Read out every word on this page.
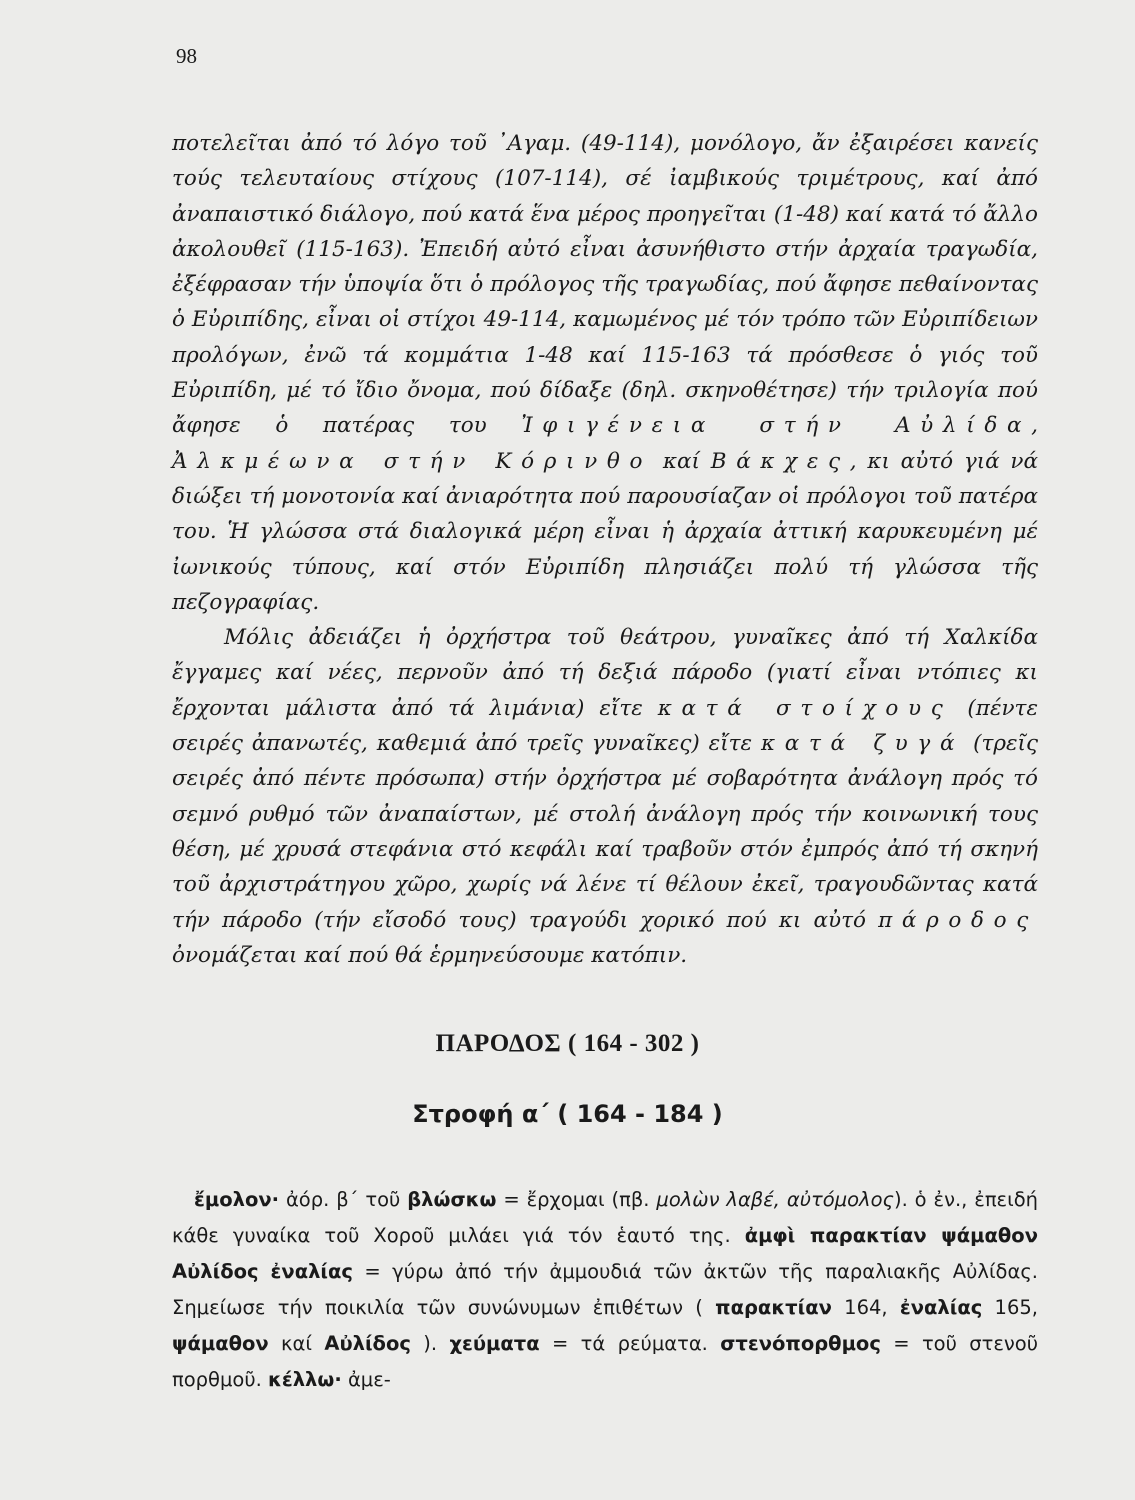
98

ποτελεῖται ἀπό τό λόγο τοῦ ᾿Αγαμ. (49-114), μονόλογο, ἄν ἐξαιρέσει κανείς τούς τελευταίους στίχους (107-114), σέ ἰαμβικούς τριμέτρους, καί ἀπό ἀναπαιστικό διάλογο, πού κατά ἕνα μέρος προηγεῖται (1-48) καί κατά τό ἄλλο ἀκολουθεῖ (115-163). Ἐπειδή αὐτό εἶναι ἀσυνήθιστο στήν ἀρχαία τραγωδία, ἐξέφρασαν τήν ὑποψία ὅτι ὁ πρόλογος τῆς τραγωδίας, πού ἄφησε πεθαίνοντας ὁ Εὐριπίδης, εἶναι οἱ στίχοι 49-114, καμωμένος μέ τόν τρόπο τῶν Εὐριπίδειων προλόγων, ἐνῶ τά κομμάτια 1-48 καί 115-163 τά πρόσθεσε ὁ γιός τοῦ Εὐριπίδη, μέ τό ἴδιο ὄνομα, πού δίδαξε (δηλ. σκηνοθέτησε) τήν τριλογία πού ἄφησε ὁ πατέρας του Ἰφιγένεια στήν Αὐλίδα, Ἀλκμέωνα στήν Κόρινθο καί Βάκχες, κι αὐτό γιά νά διώξει τή μονοτονία καί ἀνιαρότητα πού παρουσίαζαν οἱ πρόλογοι τοῦ πατέρα του. Ἡ γλώσσα στά διαλογικά μέρη εἶναι ἡ ἀρχαία ἀττική καρυκευμένη μέ ἰωνικούς τύπους, καί στόν Εὐριπίδη πλησιάζει πολύ τή γλώσσα τῆς πεζογραφίας.

Μόλις ἀδειάζει ἡ ὀρχήστρα τοῦ θεάτρου, γυναῖκες ἀπό τή Χαλκίδα ἔγγαμες καί νέες, περνοῦν ἀπό τή δεξιά πάροδο (γιατί εἶναι ντόπιες κι ἔρχονται μάλιστα ἀπό τά λιμάνια) εἴτε κατά στοίχους (πέντε σειρές ἀπανωτές, καθεμιά ἀπό τρεῖς γυναῖκες) εἴτε κατά ζυγά (τρεῖς σειρές ἀπό πέντε πρόσωπα) στήν ὀρχήστρα μέ σοβαρότητα ἀνάλογη πρός τό σεμνό ρυθμό τῶν ἀναπαίστων, μέ στολή ἀνάλογη πρός τήν κοινωνική τους θέση, μέ χρυσά στεφάνια στό κεφάλι καί τραβοῦν στόν ἐμπρός ἀπό τή σκηνή τοῦ ἀρχιστράτηγου χῶρο, χωρίς νά λένε τί θέλουν ἐκεῖ, τραγουδῶντας κατά τήν πάροδο (τήν εἴσοδό τους) τραγούδι χορικό πού κι αὐτό πάροδος ὀνομάζεται καί πού θά ἑρμηνεύσουμε κατόπιν.

ΠΑΡΟΔΟΣ ( 164 - 302 )
Στροφή α΄ ( 164 - 184 )

ἔμολον· ἀόρ. β΄ τοῦ βλώσκω = ἔρχομαι (πβ. μολὼν λαβέ, αὐτόμολος). ὁ ἐν., ἐπειδή κάθε γυναίκα τοῦ Χοροῦ μιλάει γιά τόν ἑαυτό της. ἀμφὶ παρακτίαν ψάμαθον Αὐλίδος ἐναλίας = γύρω ἀπό τήν ἀμμουδιά τῶν ἀκτῶν τῆς παραλιακῆς Αὐλίδας. Σημείωσε τήν ποικιλία τῶν συνώνυμων ἐπιθέτων ( παρακτίαν 164, ἐναλίας 165, ψάμαθον καί Αὐλίδος ). χεύματα = τά ρεύματα. στενόπορθμος = τοῦ στενοῦ πορθμοῦ. κέλλω· ἀμε-
